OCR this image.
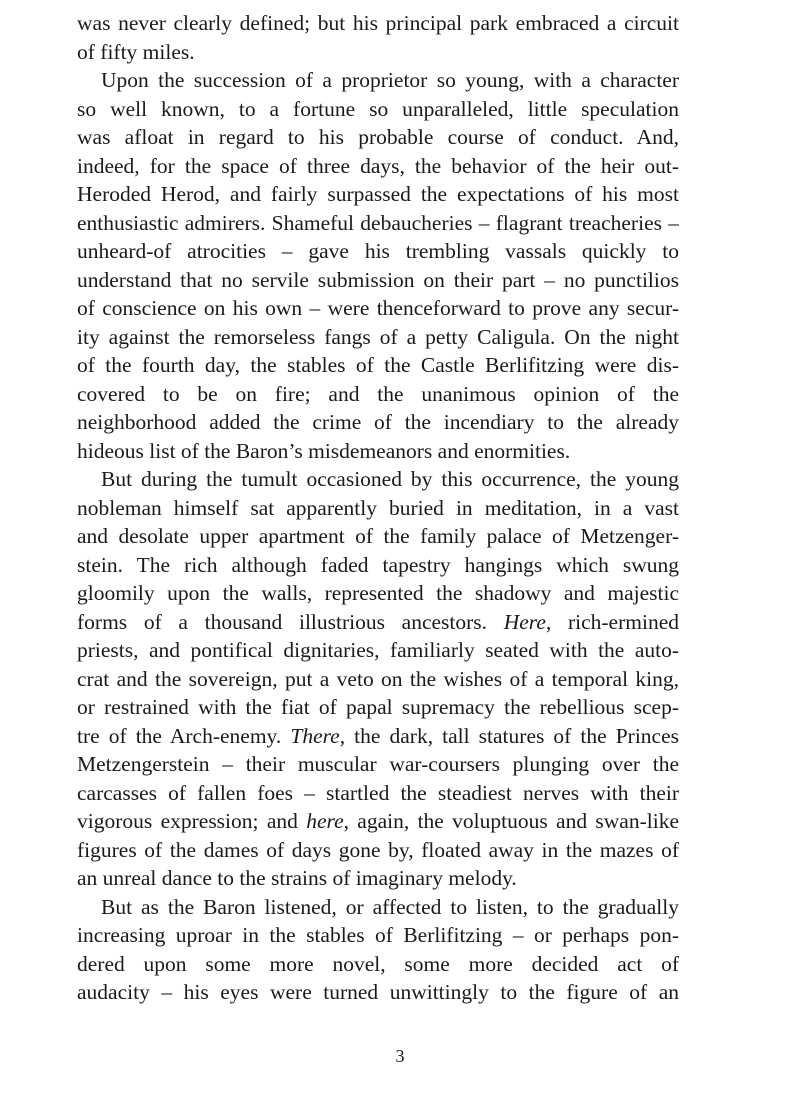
was never clearly defined; but his principal park embraced a circuit
of fifty miles.
Upon the succession of a proprietor so young, with a character
so well known, to a fortune so unparalleled, little speculation
was afloat in regard to his probable course of conduct. And,
indeed, for the space of three days, the behavior of the heir out-
Heroded Herod, and fairly surpassed the expectations of his most
enthusiastic admirers. Shameful debaucheries – flagrant treacheries –
unheard-of atrocities – gave his trembling vassals quickly to
understand that no servile submission on their part – no punctilios
of conscience on his own – were thenceforward to prove any secur-
ity against the remorseless fangs of a petty Caligula. On the night
of the fourth day, the stables of the Castle Berlifitzing were dis-
covered to be on fire; and the unanimous opinion of the
neighborhood added the crime of the incendiary to the already
hideous list of the Baron’s misdemeanors and enormities.
But during the tumult occasioned by this occurrence, the young
nobleman himself sat apparently buried in meditation, in a vast
and desolate upper apartment of the family palace of Metzenger-
stein. The rich although faded tapestry hangings which swung
gloomily upon the walls, represented the shadowy and majestic
forms of a thousand illustrious ancestors. Here, rich-ermined
priests, and pontifical dignitaries, familiarly seated with the auto-
crat and the sovereign, put a veto on the wishes of a temporal king,
or restrained with the fiat of papal supremacy the rebellious scep-
tre of the Arch-enemy. There, the dark, tall statures of the Princes
Metzengerstein – their muscular war-coursers plunging over the
carcasses of fallen foes – startled the steadiest nerves with their
vigorous expression; and here, again, the voluptuous and swan-like
figures of the dames of days gone by, floated away in the mazes of
an unreal dance to the strains of imaginary melody.
But as the Baron listened, or affected to listen, to the gradually
increasing uproar in the stables of Berlifitzing – or perhaps pon-
dered upon some more novel, some more decided act of
audacity – his eyes were turned unwittingly to the figure of an
3
